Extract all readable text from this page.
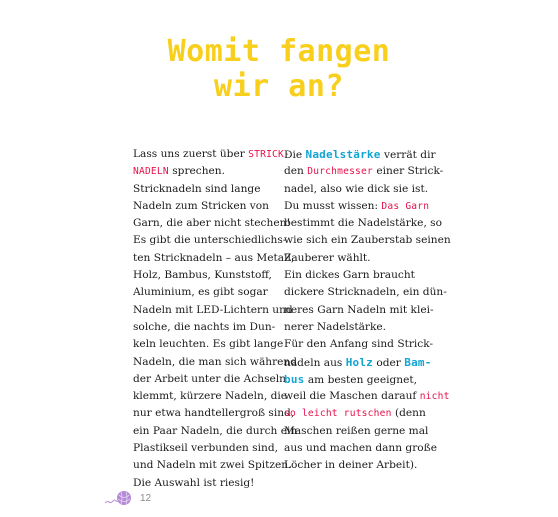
Womit fangen
wir an?
Lass uns zuerst über STRICK-
NADELN sprechen.
Stricknadeln sind lange
Nadeln zum Stricken von
Garn, die aber nicht stechen!
Es gibt die unterschiedlichs-
ten Stricknadeln – aus Metall,
Holz, Bambus, Kunststoff,
Aluminium, es gibt sogar
Nadeln mit LED-Lichtern und
solche, die nachts im Dun-
keln leuchten. Es gibt lange
Nadeln, die man sich während
der Arbeit unter die Achseln
klemmt, kürzere Nadeln, die
nur etwa handtellergroß sind,
ein Paar Nadeln, die durch ein
Plastikseil verbunden sind,
und Nadeln mit zwei Spitzen.
Die Auswahl ist riesig!
Die Nadelstärke verrät dir
den Durchmesser einer Strick-
nadel, also wie dick sie ist.
Du musst wissen: Das Garn
bestimmt die Nadelstärke, so
wie sich ein Zauberstab seinen
Zauberer wählt.
Ein dickes Garn braucht
dickere Stricknadeln, ein dün-
neres Garn Nadeln mit klei-
nerer Nadelstärke.
Für den Anfang sind Strick-
nadeln aus Holz oder Bam-
bus am besten geeignet,
weil die Maschen darauf nicht
so leicht rutschen (denn
Maschen reißen gerne mal
aus und machen dann große
Löcher in deiner Arbeit).
12
